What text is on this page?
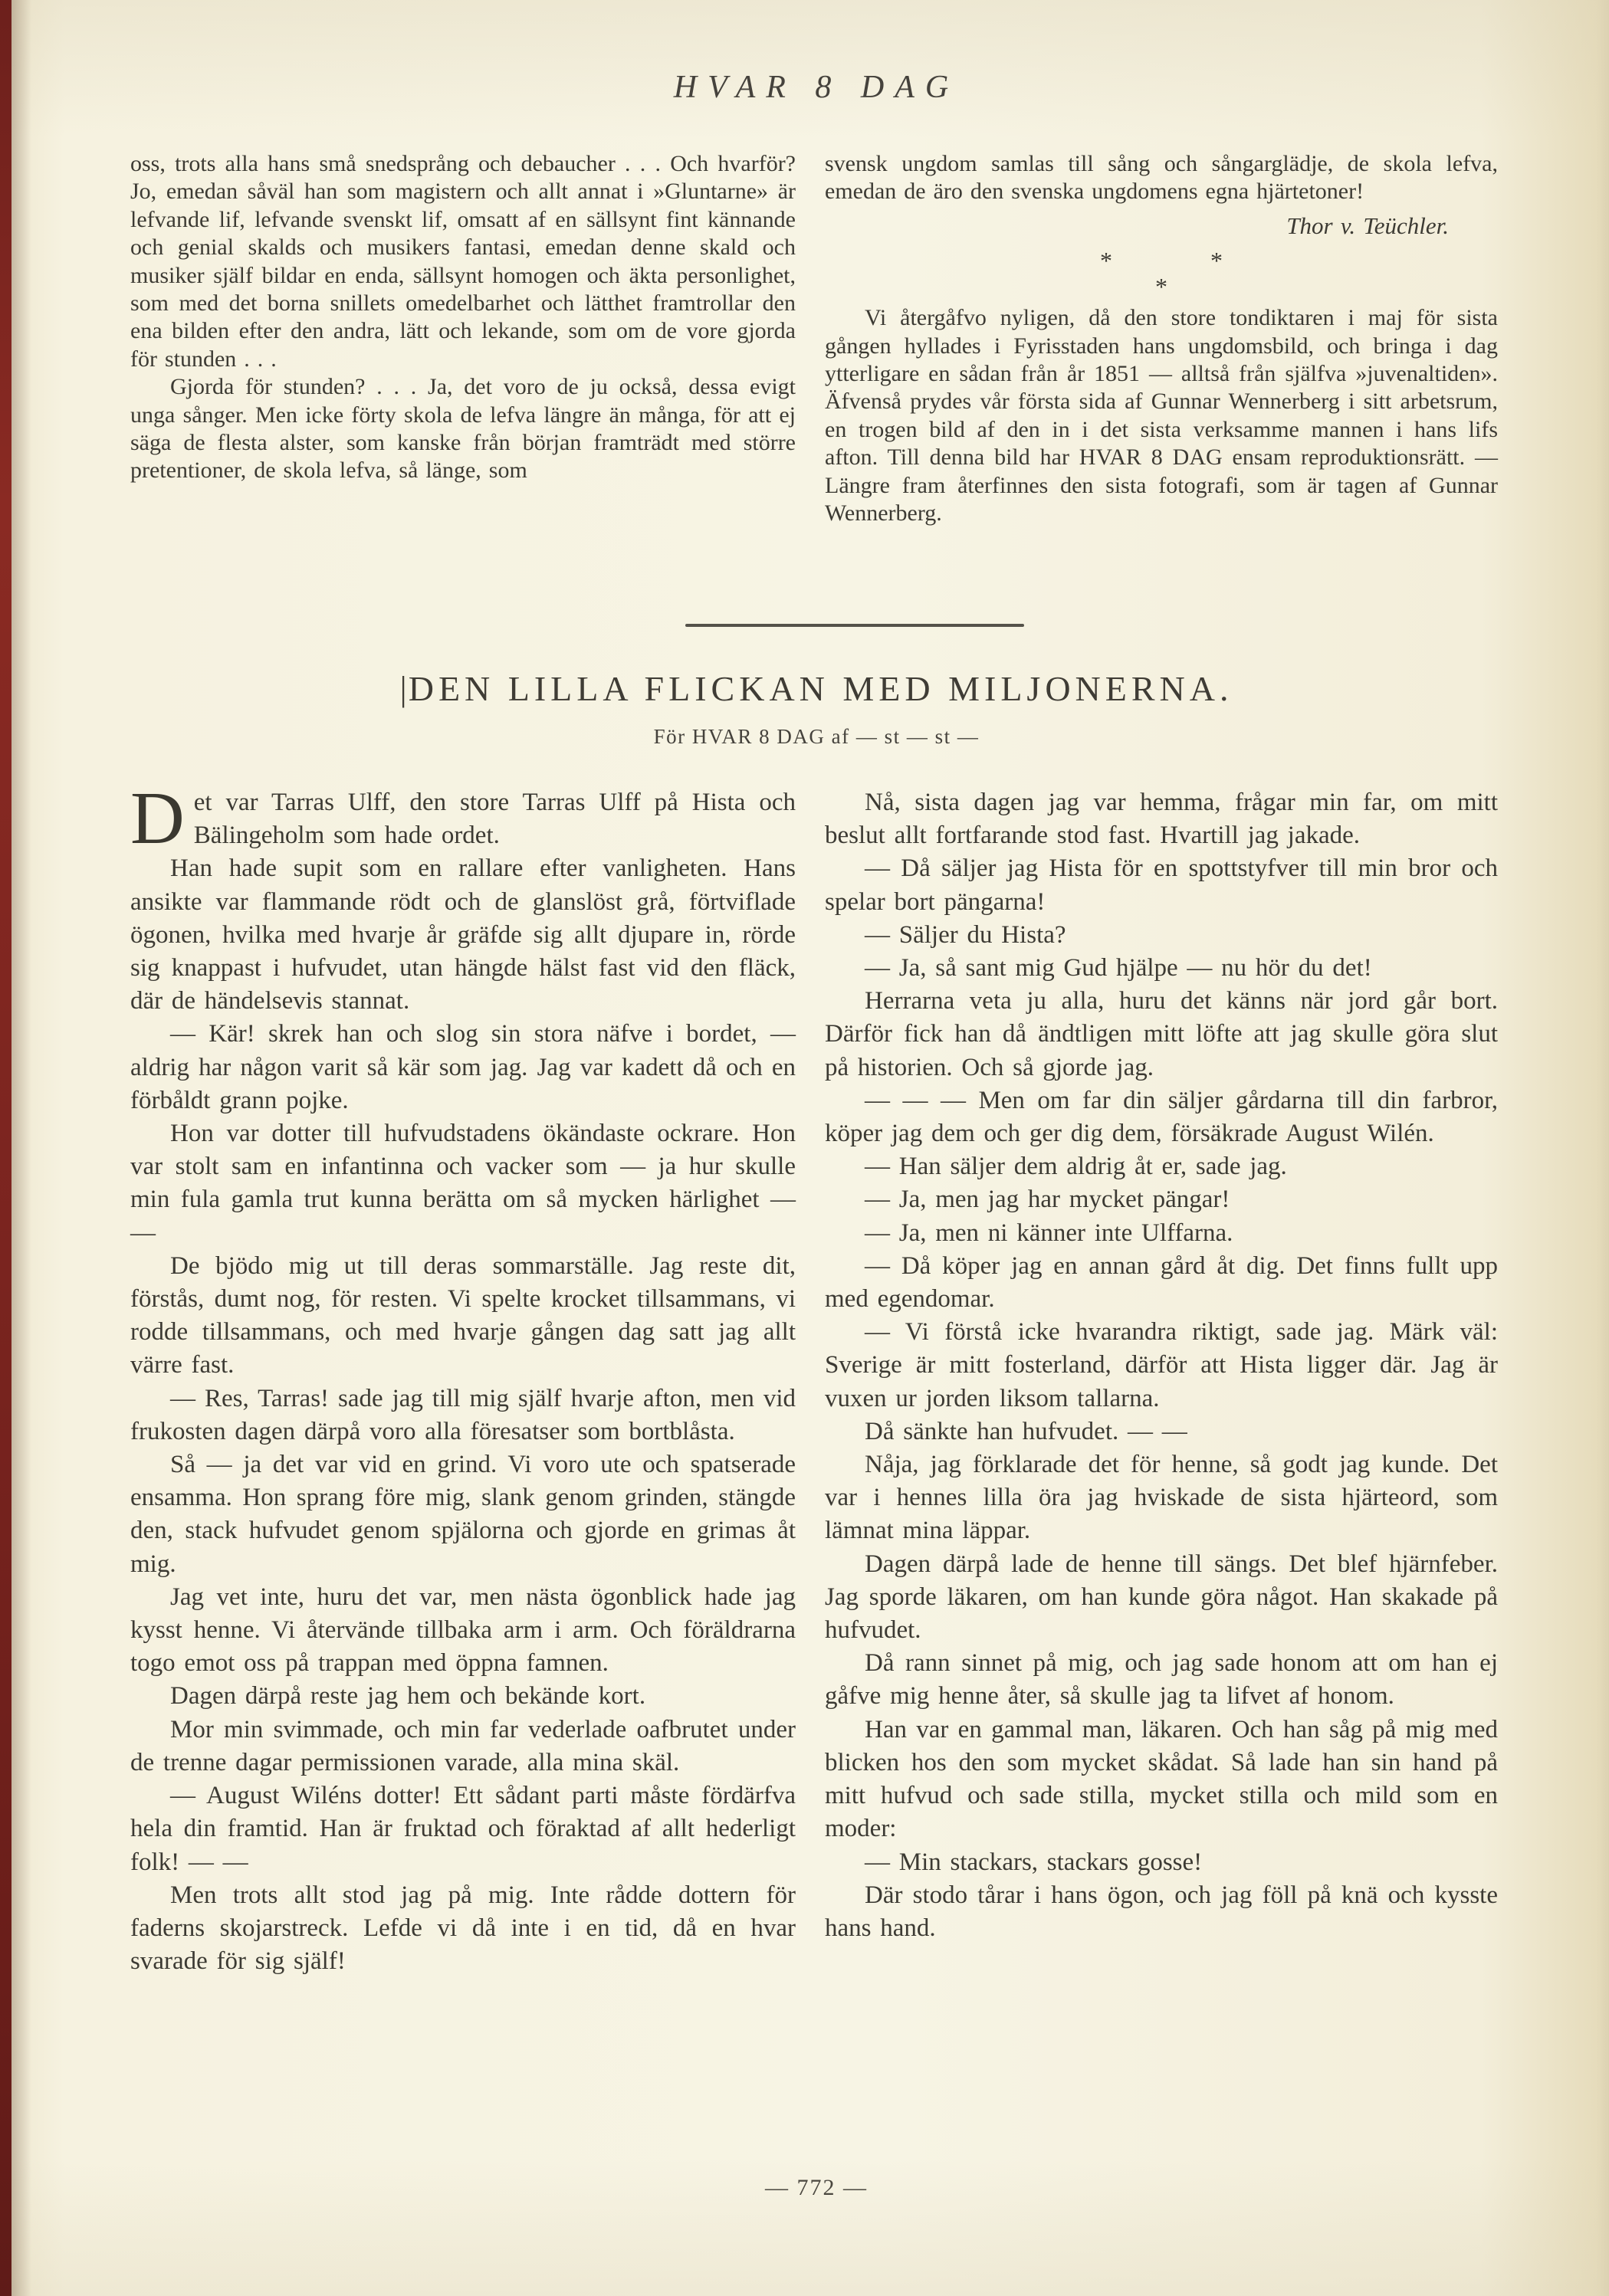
HVAR 8 DAG

oss, trots alla hans små snedsprång och debaucher . . . Och hvarför? Jo, emedan såväl han som magistern och allt annat i »Gluntarne» är lefvande lif, lefvande svenskt lif, omsatt af en sällsynt fint kännande och genial skalds och musikers fantasi, emedan denne skald och musiker själf bildar en enda, sällsynt homogen och äkta personlighet, som med det borna snillets omedelbarhet och lätthet framtrollar den ena bilden efter den andra, lätt och lekande, som om de vore gjorda för stunden . . .

Gjorda för stunden? . . . Ja, det voro de ju också, dessa evigt unga sånger. Men icke förty skola de lefva längre än många, för att ej säga de flesta alster, som kanske från början framträdt med större pretentioner, de skola lefva, så länge, som

svensk ungdom samlas till sång och sångarglädje, de skola lefva, emedan de äro den svenska ungdomens egna hjärtetoner!

Thor v. Teüchler.
*    *
*

Vi återgåfvo nyligen, då den store tondiktaren i maj för sista gången hyllades i Fyrisstaden hans ungdomsbild, och bringa i dag ytterligare en sådan från år 1851 — alltså från själfva »juvenaltiden». Äfvenså prydes vår första sida af Gunnar Wennerberg i sitt arbetsrum, en trogen bild af den in i det sista verksamme mannen i hans lifs afton. Till denna bild har HVAR 8 DAG ensam reproduktionsrätt. — Längre fram återfinnes den sista fotografi, som är tagen af Gunnar Wennerberg.

|DEN LILLA FLICKAN MED MILJONERNA.
För HVAR 8 DAG af — st — st —

Det var Tarras Ulff, den store Tarras Ulff på Hista och Bälingeholm som hade ordet.

Han hade supit som en rallare efter vanligheten. Hans ansikte var flammande rödt och de glanslöst grå, förtviflade ögonen, hvilka med hvarje år gräfde sig allt djupare in, rörde sig knappast i hufvudet, utan hängde hälst fast vid den fläck, där de händelsevis stannat.

— Kär! skrek han och slog sin stora näfve i bordet, — aldrig har någon varit så kär som jag. Jag var kadett då och en förbåldt grann pojke.

Hon var dotter till hufvudstadens ökändaste ockrare. Hon var stolt sam en infantinna och vacker som — ja hur skulle min fula gamla trut kunna berätta om så mycken härlighet — —

De bjödo mig ut till deras sommarställe. Jag reste dit, förstås, dumt nog, för resten. Vi spelte krocket tillsammans, vi rodde tillsammans, och med hvarje gången dag satt jag allt värre fast.

— Res, Tarras! sade jag till mig själf hvarje afton, men vid frukosten dagen därpå voro alla föresatser som bortblåsta.

Så — ja det var vid en grind. Vi voro ute och spatserade ensamma. Hon sprang före mig, slank genom grinden, stängde den, stack hufvudet genom spjälorna och gjorde en grimas åt mig.

Jag vet inte, huru det var, men nästa ögonblick hade jag kysst henne. Vi återvände tillbaka arm i arm. Och föräldrarna togo emot oss på trappan med öppna famnen.

Dagen därpå reste jag hem och bekände kort.

Mor min svimmade, och min far vederlade oafbrutet under de trenne dagar permissionen varade, alla mina skäl.

— August Wiléns dotter! Ett sådant parti måste fördärfva hela din framtid. Han är fruktad och föraktad af allt hederligt folk! — —

Men trots allt stod jag på mig. Inte rådde dottern för faderns skojarstreck. Lefde vi då inte i en tid, då en hvar svarade för sig själf!

Nå, sista dagen jag var hemma, frågar min far, om mitt beslut allt fortfarande stod fast. Hvartill jag jakade.

— Då säljer jag Hista för en spottstyfver till min bror och spelar bort pängarna!

— Säljer du Hista?

— Ja, så sant mig Gud hjälpe — nu hör du det!

Herrarna veta ju alla, huru det känns när jord går bort. Därför fick han då ändtligen mitt löfte att jag skulle göra slut på historien. Och så gjorde jag.

— — — Men om far din säljer gårdarna till din farbror, köper jag dem och ger dig dem, försäkrade August Wilén.

— Han säljer dem aldrig åt er, sade jag.

— Ja, men jag har mycket pängar!

— Ja, men ni känner inte Ulffarna.

— Då köper jag en annan gård åt dig. Det finns fullt upp med egendomar.

— Vi förstå icke hvarandra riktigt, sade jag. Märk väl: Sverige är mitt fosterland, därför att Hista ligger där. Jag är vuxen ur jorden liksom tallarna.

Då sänkte han hufvudet. — —

Nåja, jag förklarade det för henne, så godt jag kunde. Det var i hennes lilla öra jag hviskade de sista hjärteord, som lämnat mina läppar.

Dagen därpå lade de henne till sängs. Det blef hjärnfeber. Jag sporde läkaren, om han kunde göra något. Han skakade på hufvudet.

Då rann sinnet på mig, och jag sade honom att om han ej gåfve mig henne åter, så skulle jag ta lifvet af honom.

Han var en gammal man, läkaren. Och han såg på mig med blicken hos den som mycket skådat. Så lade han sin hand på mitt hufvud och sade stilla, mycket stilla och mild som en moder:

— Min stackars, stackars gosse!

Där stodo tårar i hans ögon, och jag föll på knä och kysste hans hand.

— 772 —
